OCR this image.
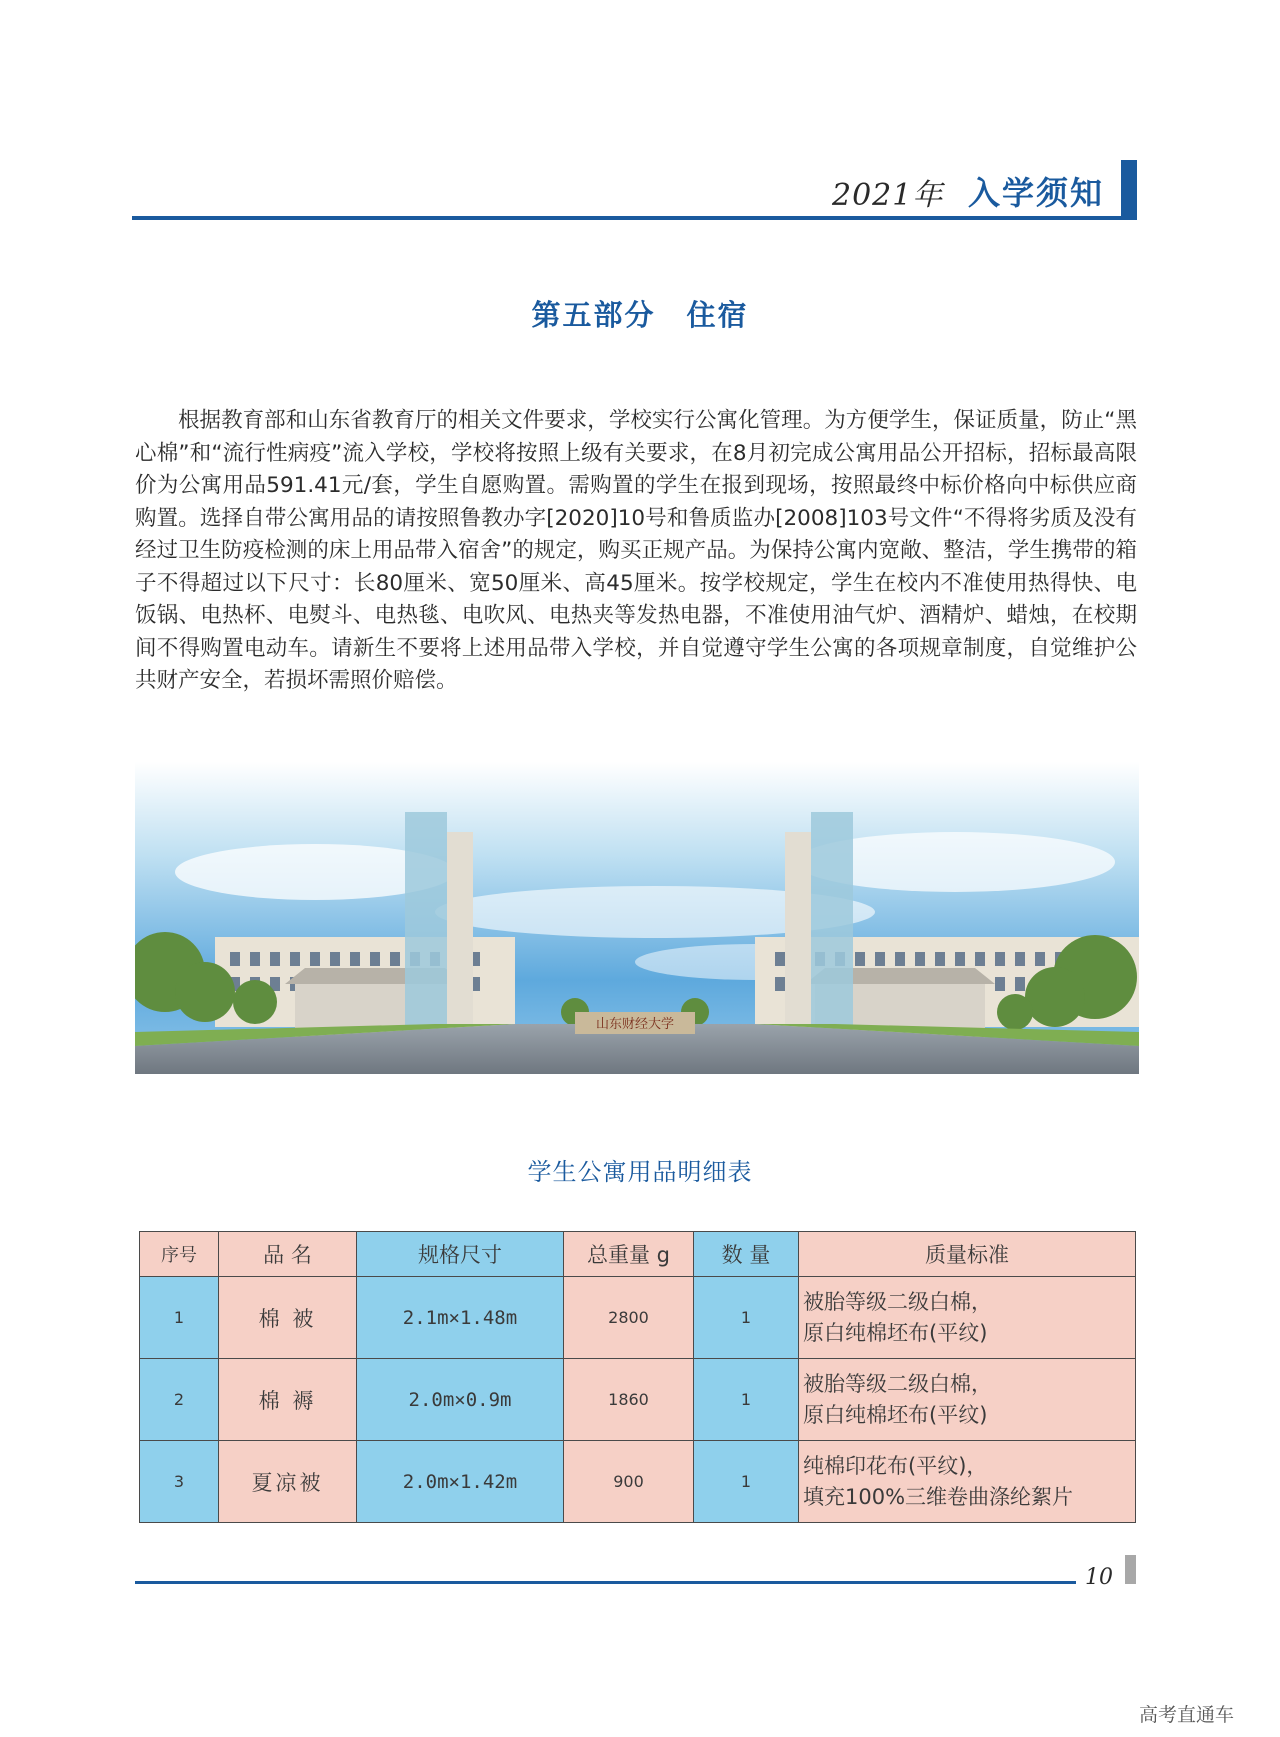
2021年 入学须知
第五部分　住宿

根据教育部和山东省教育厅的相关文件要求，学校实行公寓化管理。为方便学生，保证质量，防止“黑心棉”和“流行性病疫”流入学校，学校将按照上级有关要求，在8月初完成公寓用品公开招标，招标最高限价为公寓用品591.41元/套，学生自愿购置。需购置的学生在报到现场，按照最终中标价格向中标供应商购置。选择自带公寓用品的请按照鲁教办字[2020]10号和鲁质监办[2008]103号文件“不得将劣质及没有经过卫生防疫检测的床上用品带入宿舍”的规定，购买正规产品。为保持公寓内宽敞、整洁，学生携带的箱子不得超过以下尺寸：长80厘米、宽50厘米、高45厘米。按学校规定，学生在校内不准使用热得快、电饭锅、电热杯、电熨斗、电热毯、电吹风、电热夹等发热电器，不准使用油气炉、酒精炉、蜡烛，在校期间不得购置电动车。请新生不要将上述用品带入学校，并自觉遵守学生公寓的各项规章制度，自觉维护公共财产安全，若损坏需照价赔偿。

山东财经大学
学生公寓用品明细表
序号	品 名	规格尺寸	总重量 g	数 量	质量标准
1	棉 被	2.1m×1.48m	2800	1	被胎等级二级白棉，
原白纯棉坯布(平纹)

2	棉 褥	2.0m×0.9m	1860	1	被胎等级二级白棉，
原白纯棉坯布(平纹)

3	夏凉被	2.0m×1.42m	900	1	纯棉印花布(平纹)，
填充100%三维卷曲涤纶絮片
10
高考直通车
